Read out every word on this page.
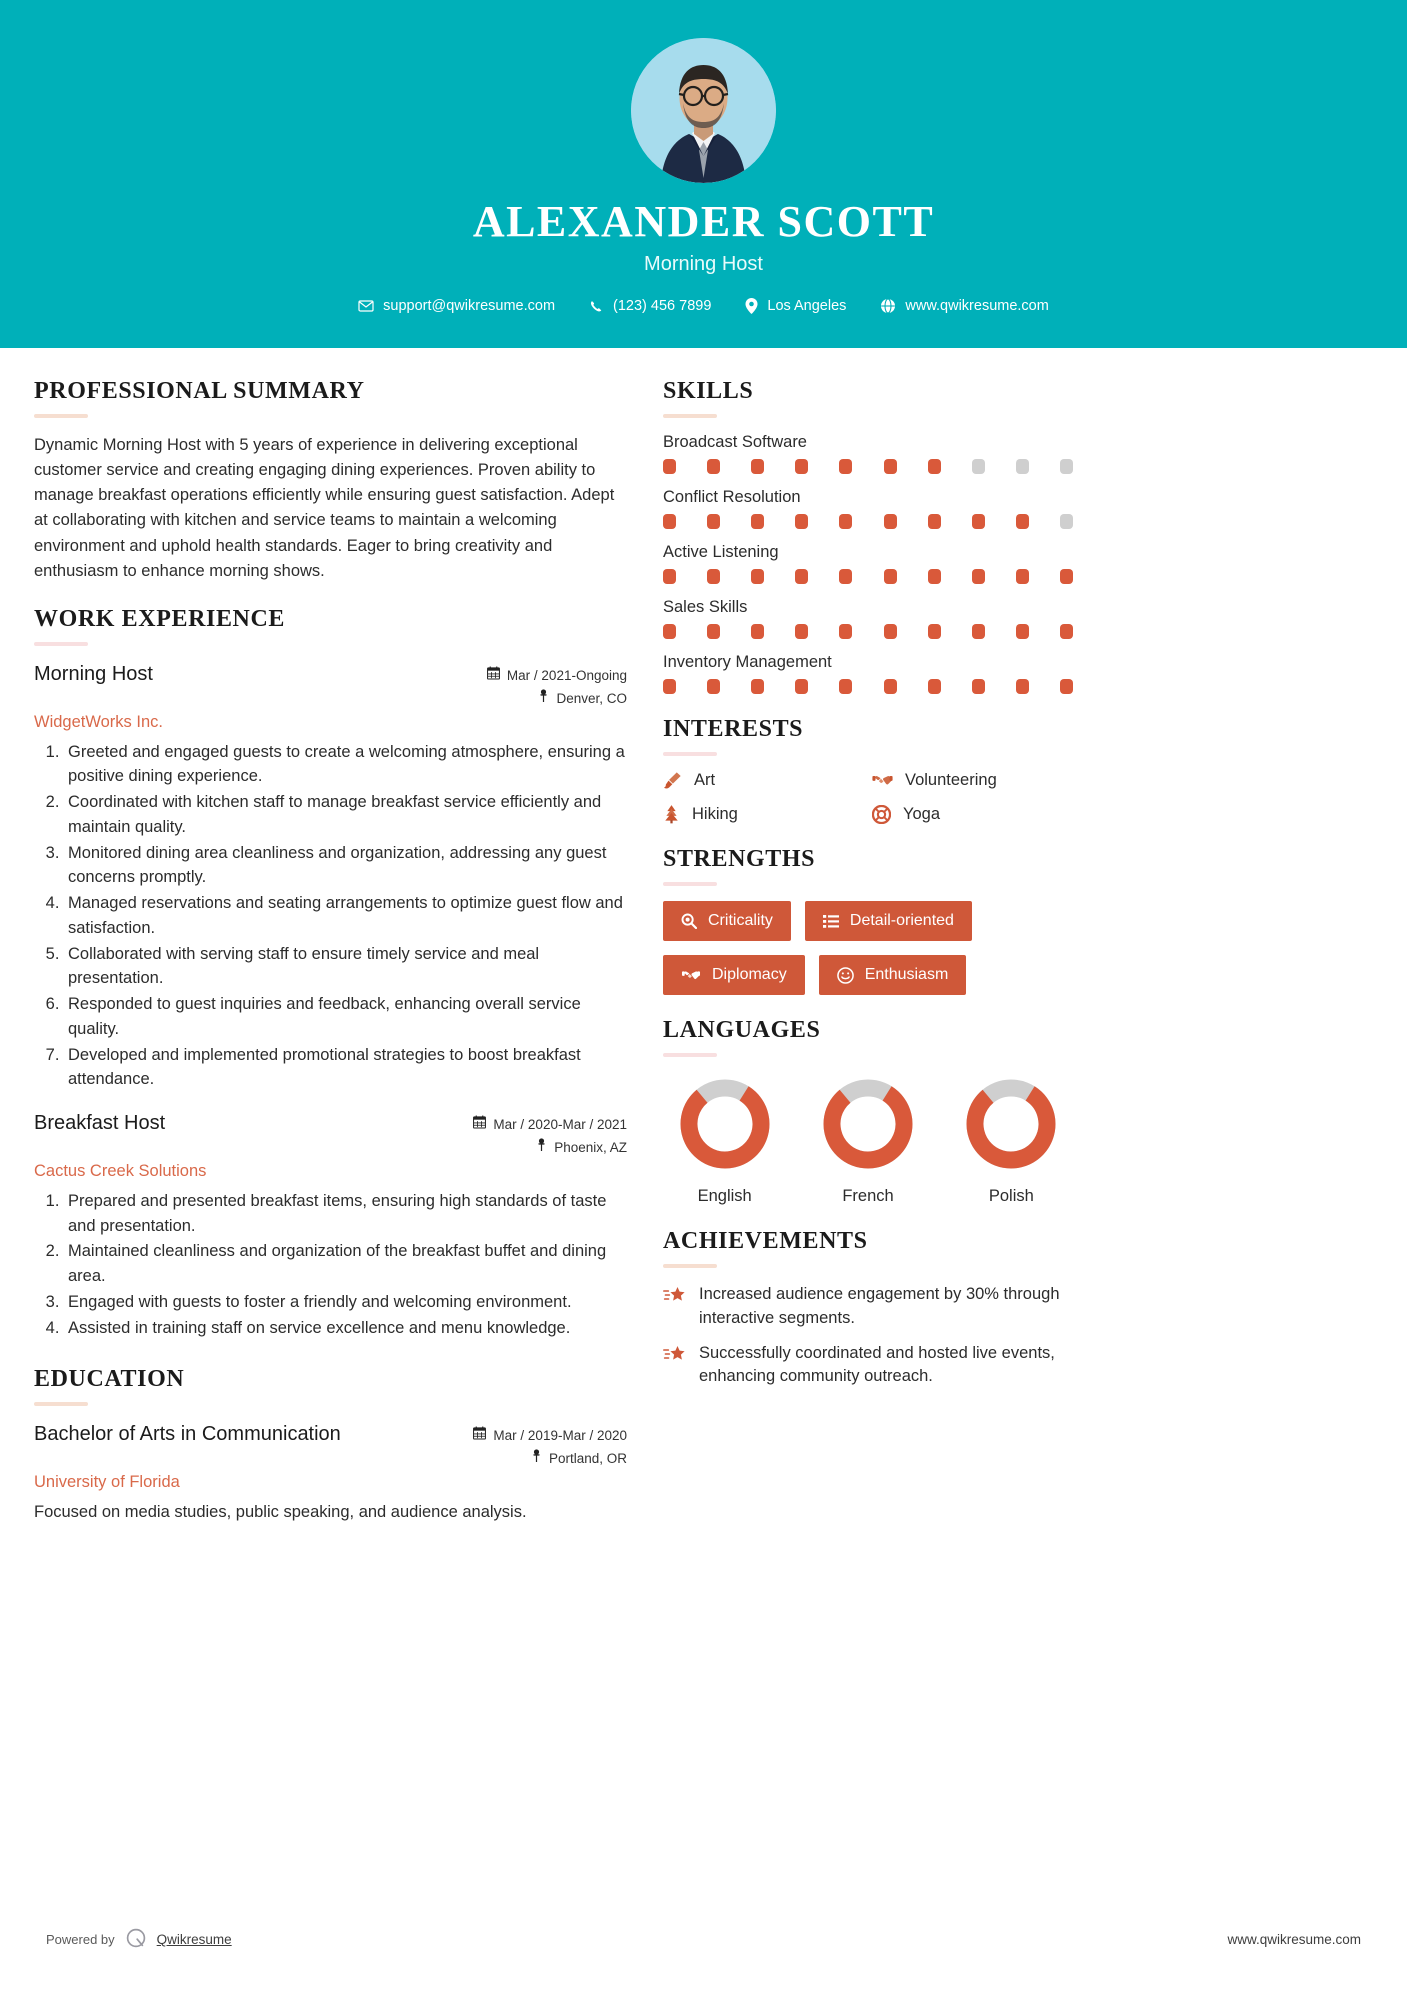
ALEXANDER SCOTT
Morning Host
support@qwikresume.com	(123) 456 7899	Los Angeles	www.qwikresume.com
PROFESSIONAL SUMMARY
Dynamic Morning Host with 5 years of experience in delivering exceptional customer service and creating engaging dining experiences. Proven ability to manage breakfast operations efficiently while ensuring guest satisfaction. Adept at collaborating with kitchen and service teams to maintain a welcoming environment and uphold health standards. Eager to bring creativity and enthusiasm to enhance morning shows.
WORK EXPERIENCE
Morning Host	Mar / 2021-Ongoing
Denver, CO
WidgetWorks Inc.
1. Greeted and engaged guests to create a welcoming atmosphere, ensuring a positive dining experience.
2. Coordinated with kitchen staff to manage breakfast service efficiently and maintain quality.
3. Monitored dining area cleanliness and organization, addressing any guest concerns promptly.
4. Managed reservations and seating arrangements to optimize guest flow and satisfaction.
5. Collaborated with serving staff to ensure timely service and meal presentation.
6. Responded to guest inquiries and feedback, enhancing overall service quality.
7. Developed and implemented promotional strategies to boost breakfast attendance.
Breakfast Host	Mar / 2020-Mar / 2021
Phoenix, AZ
Cactus Creek Solutions
1. Prepared and presented breakfast items, ensuring high standards of taste and presentation.
2. Maintained cleanliness and organization of the breakfast buffet and dining area.
3. Engaged with guests to foster a friendly and welcoming environment.
4. Assisted in training staff on service excellence and menu knowledge.
EDUCATION
Bachelor of Arts in Communication	Mar / 2019-Mar / 2020
Portland, OR
University of Florida
Focused on media studies, public speaking, and audience analysis.
SKILLS
Broadcast Software
Conflict Resolution
Active Listening
Sales Skills
Inventory Management
INTERESTS
Art	Volunteering
Hiking	Yoga
STRENGTHS
Criticality	Detail-oriented
Diplomacy	Enthusiasm
LANGUAGES
English	French	Polish
ACHIEVEMENTS
Increased audience engagement by 30% through interactive segments.
Successfully coordinated and hosted live events, enhancing community outreach.
Powered by	Qwikresume	www.qwikresume.com
